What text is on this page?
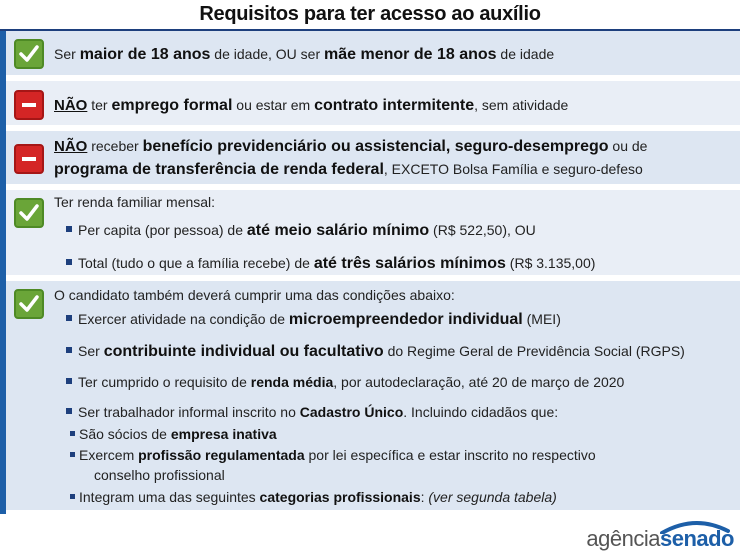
Requisitos para ter acesso ao auxílio
Ser maior de 18 anos de idade, OU ser mãe menor de 18 anos de idade
NÃO ter emprego formal ou estar em contrato intermitente, sem atividade
NÃO receber benefício previdenciário ou assistencial, seguro-desemprego ou de
programa de transferência de renda federal, EXCETO Bolsa Família e seguro-defeso
Ter renda familiar mensal:
Per capita (por pessoa) de até meio salário mínimo (R$ 522,50), OU
Total (tudo o que a família recebe) de até três salários mínimos (R$ 3.135,00)
O candidato também deverá cumprir uma das condições abaixo:
Exercer atividade na condição de microempreendedor individual (MEI)
Ser contribuinte individual ou facultativo do Regime Geral de Previdência Social (RGPS)
Ter cumprido o requisito de renda média, por autodeclaração, até 20 de março de 2020
Ser trabalhador informal inscrito no Cadastro Único. Incluindo cidadãos que:
São sócios de empresa inativa
Exercem profissão regulamentada por lei específica e estar inscrito no respectivo
conselho profissional
Integram uma das seguintes categorias profissionais: (ver segunda tabela)
agênciasenado
